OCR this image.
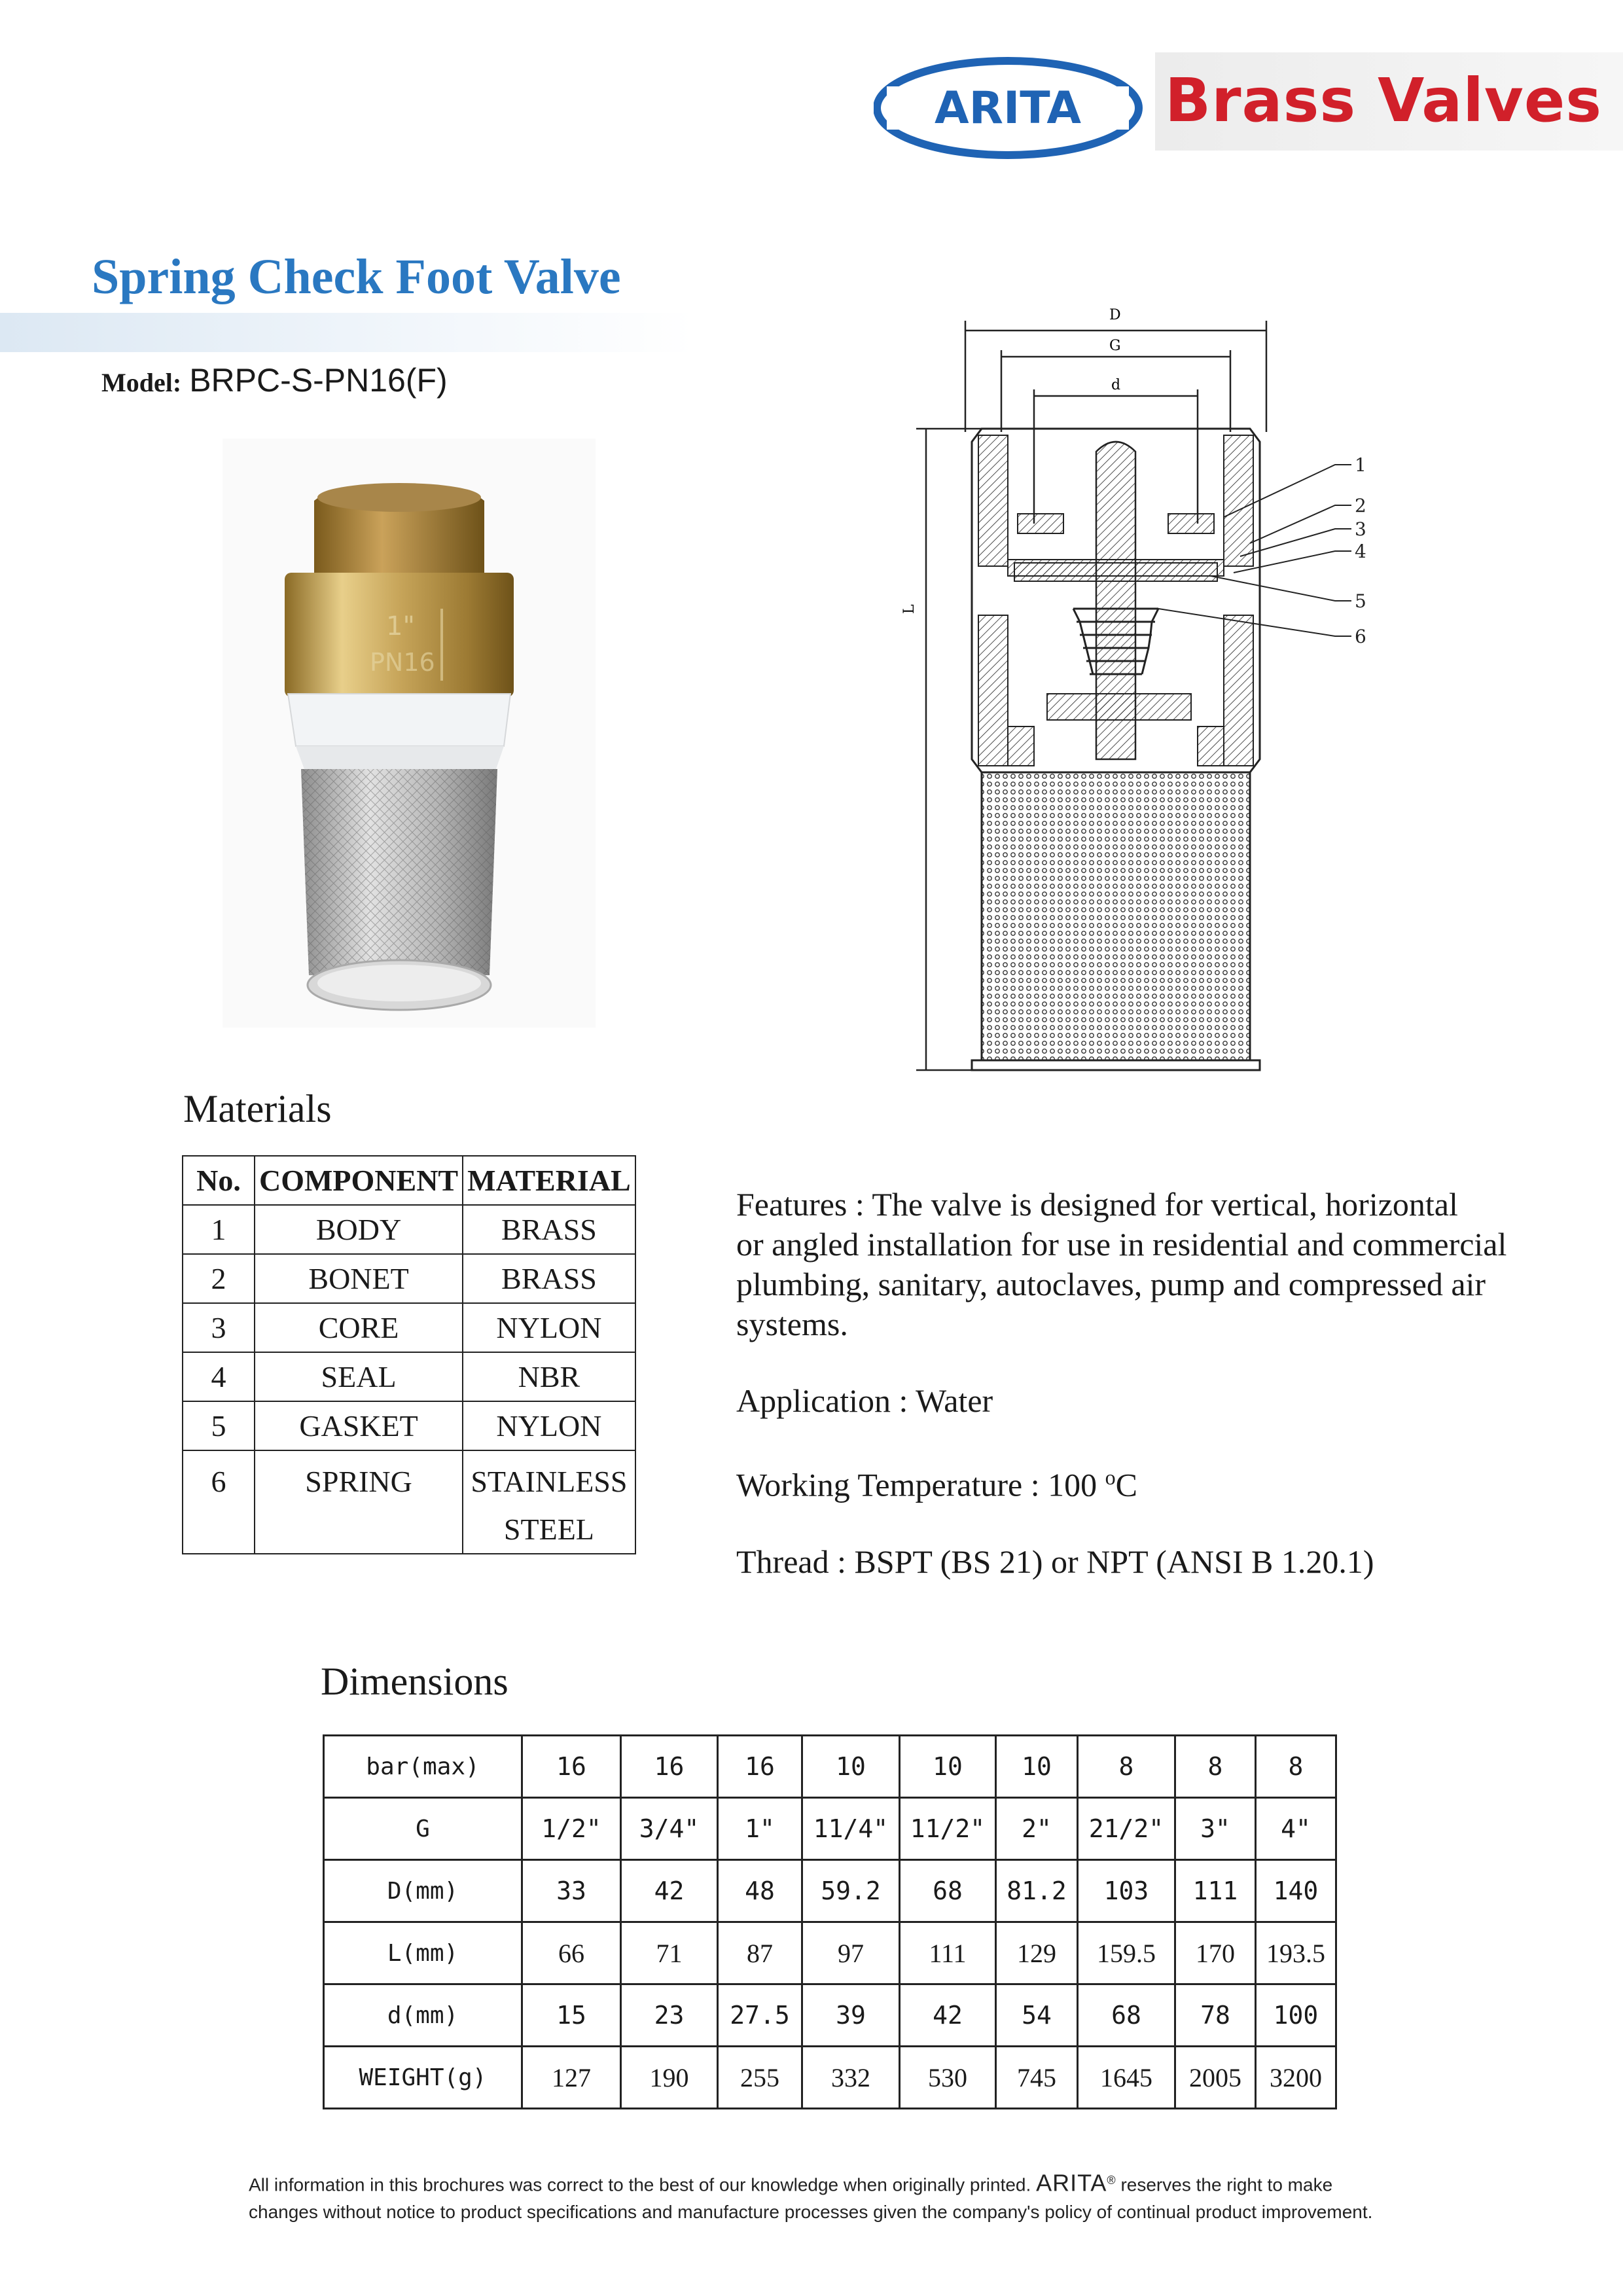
ARITA Brass Valves
Spring Check Foot Valve
Model: BRPC-S-PN16(F)
1"
PN16
D
G
d
L
1
2
3
4
5
6
Materials
No.	COMPONENT	MATERIAL
1	BODY	BRASS
2	BONET	BRASS
3	CORE	NYLON
4	SEAL	NBR
5	GASKET	NYLON
6	SPRING	STAINLESS
STEEL
Features : The valve is designed for vertical, horizontal
or angled installation for use in residential and commercial
plumbing, sanitary, autoclaves, pump and compressed air
systems.
Application : Water
Working Temperature : 100 $^o$C
Thread : BSPT (BS 21) or NPT (ANSI B 1.20.1)
Dimensions
bar(max)	16	16	16	10	10	10	8	8	8
G	1/2"	3/4"	1"	11/4"	11/2"	2"	21/2"	3"	4"
D(mm)	33	42	48	59.2	68	81.2	103	111	140
L(mm)	66	71	87	97	111	129	159.5	170	193.5
d(mm)	15	23	27.5	39	42	54	68	78	100
WEIGHT(g)	127	190	255	332	530	745	1645	2005	3200
All information in this brochures was correct to the best of our knowledge when originally printed. ARITA® reserves the right to make
changes without notice to product specifications and manufacture processes given the company's policy of continual product improvement.
